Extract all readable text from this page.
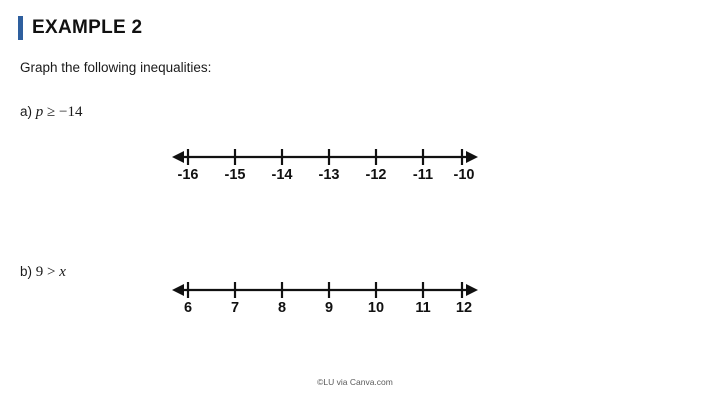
EXAMPLE 2
Graph the following inequalities:
a) p ≥ −14
-16 -15 -14 -13 -12 -11 -10
b) 9 > x
6	7	8	9 10 11 12
©LU via Canva.com
